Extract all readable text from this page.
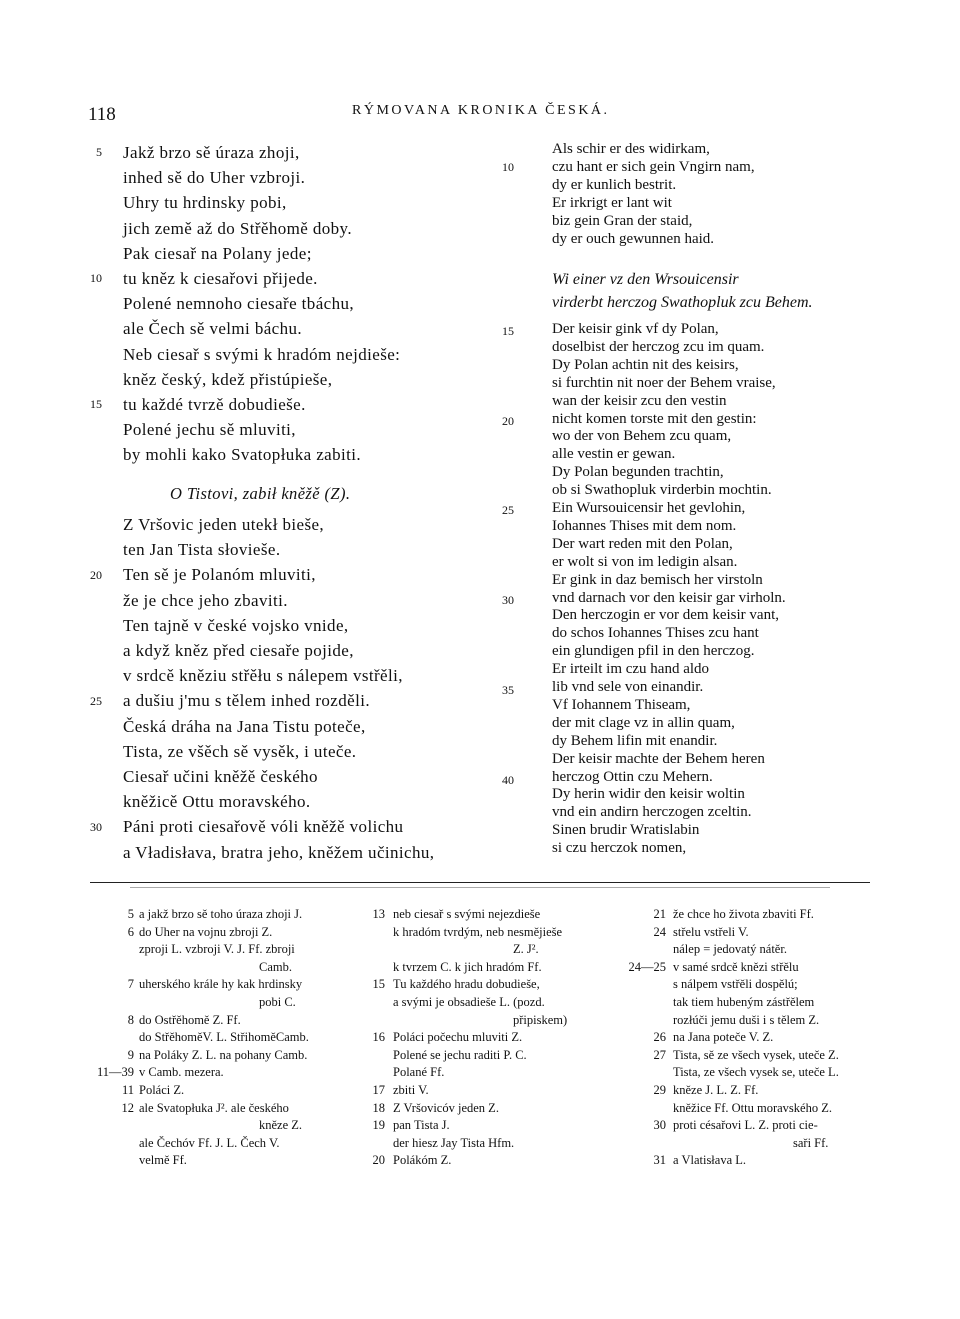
118	RÝMOVANA KRONIKA ČESKÁ.
Jakž brzo sě úraza zhoji,
inhed sě do Uher vzbroji.
Uhry tu hrdinsky pobi,
jich země až do Střěhomě doby.
Pak ciesař na Polany jede;
tu kněz k ciesařovi přijede.
Polené nemnoho ciesaře tbáchu,
ale Čech sě velmi báchu.
Neb ciesař s svými k hradóm nejdieše:
kněz český, kdež přistúpieše,
tu každé tvrzě dobudieše.
Polené jechu sě mluviti,
by mohli kako Svatopłuka zabiti.
O Tistovi, zabił kněžě (Z).
Z Vršovic jeden utekł bieše,
ten Jan Tista słovieše.
Ten sě je Polanóm mluviti,
že je chce jeho zbaviti.
Ten tajně v české vojsko vnide,
a když kněz před ciesaře pojide,
v srdcě kněziu střěłu s nálepem vstřěli,
a dušiu j'mu s tělem inhed rozděli.
Česká dráha na Jana Tistu poteče,
Tista, ze všěch sě vysěk, i uteče.
Ciesař učini kněžě českého
kněžicě Ottu moravského.
Páni proti ciesařově vóli kněžě volichu
a Vładisłava, bratra jeho, kněžem učinichu,
5
10
15
20
25
30
Als schir er des widirkam,
czu hant er sich gein Vngirn nam,
dy er kunlich bestrit.
Er irkrigt er lant wit
biz gein Gran der staid,
dy er ouch gewunnen haid.
Wi einer vz den Wrsouicensir
virderbt herczog Swathopluk zcu Behem.
Der keisir gink vf dy Polan,
doselbist der herczog zcu im quam.
Dy Polan achtin nit des keisirs,
si furchtin nit noer der Behem vraise,
wan der keisir zcu den vestin
nicht komen torste mit den gestin:
wo der von Behem zcu quam,
alle vestin er gewan.
Dy Polan begunden trachtin,
ob si Swathopluk virderbin mochtin.
Ein Wursouicensir het gevlohin,
Iohannes Thises mit dem nom.
Der wart reden mit den Polan,
er wolt si von im ledigin alsan.
Er gink in daz bemisch her virstoln
vnd darnach vor den keisir gar virholn.
Den herczogin er vor dem keisir vant,
do schos Iohannes Thises zcu hant
ein glundigen pfil in den herczog.
Er irteilt im czu hand aldo
lib vnd sele von einandir.
Vf Iohannem Thiseam,
der mit clage vz in allin quam,
dy Behem lifin mit enandir.
Der keisir machte der Behem heren
herczog Ottin czu Mehern.
Dy herin widir den keisir woltin
vnd ein andirn herczogen zceltin.
Sinen brudir Wratislabin
si czu herczok nomen,
10
15
20
25
30
35
40
5 a jakž brzo sě toho úraza zhoji J.
6 do Uher na vojnu zbroji Z.
zproji L. vzbroji V. J. Ff. zbroji
Camb.
7 uherského krále hy kak hrdinsky
pobi C.
8 do Ostřěhomě Z. Ff.
do StřěhoměV. L. StřihoměCamb.
9 na Poláky Z. L. na pohany Camb.
11—39 v Camb. mezera.
11 Poláci Z.
12 ale Svatopłuka J². ale českého
kněze Z.
ale Čechóv Ff. J. L. Čech V.
velmě Ff.
13 neb ciesař s svými nejezdieše
k hradóm tvrdým, neb nesmějieše
Z. J².
k tvrzem C. k jich hradóm Ff.
15 Tu každého hradu dobudieše,
a svými je obsadieše L. (pozd.
připiskem)
16 Poláci počechu mluviti Z.
Polené se jechu raditi P. C.
Polané Ff.
17 zbiti V.
18 Z Vršovicóv jeden Z.
19 pan Tista J.
der hiesz Jay Tista Hfm.
20 Polákóm Z.
21 že chce ho života zbaviti Ff.
24 střelu vstřeli V.
nálep = jedovatý nátěr.
24—25 v samé srdcě knězi střělu
s nálpem vstřěli dospělú;
tak tiem hubeným zástřělem
rozłúči jemu duši i s tělem Z.
26 na Jana poteče V. Z.
27 Tista, sě ze všech vysek, uteče Z.
Tista, ze všech vysek se, uteče L.
29 kněze J. L. Z. Ff.
kněžice Ff. Ottu moravského Z.
30 proti césařovi L. Z. proti cie-
saři Ff.
31 a Vlatisłava L.
